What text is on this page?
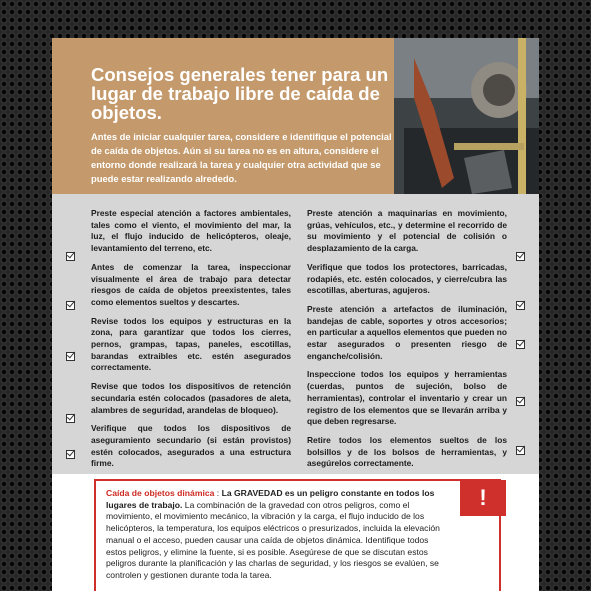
Consejos generales tener para un lugar de trabajo libre de caída de objetos.

Antes de iniciar cualquier tarea, considere e identifique el potencial de caída de objetos. Aún si su tarea no es en altura, considere el entorno donde realizará la tarea y cualquier otra actividad que se puede estar realizando alrededo.

Preste especial atención a factores ambientales, tales como el viento, el movimiento del mar, la luz, el flujo inducido de helicópteros, oleaje, levantamiento del terreno, etc.

Antes de comenzar la tarea, inspeccionar visualmente el área de trabajo para detectar riesgos de caída de objetos preexistentes, tales como elementos sueltos y descartes.

Revise todos los equipos y estructuras en la zona, para garantizar que todos los cierres, pernos, grampas, tapas, paneles, escotillas, barandas extraibles etc. estén asegurados correctamente.

Revise que todos los dispositivos de retención secundaria estén colocados (pasadores de aleta, alambres de seguridad, arandelas de bloqueo).

Verifique que todos los dispositivos de aseguramiento secundario (si están provistos) estén colocados, asegurados a una estructura firme.

Preste atención a maquinarias en movimiento, grúas, vehículos, etc., y determine el recorrido de su movimiento y el potencial de colisión o desplazamiento de la carga.

Verifique que todos los protectores, barricadas, rodapiés, etc. estén colocados, y cierre/cubra las escotillas, aberturas, agujeros.

Preste atención a artefactos de iluminación, bandejas de cable, soportes y otros accesorios; en particular a aquellos elementos que pueden no estar asegurados o presenten riesgo de enganche/colisión.

Inspeccione todos los equipos y herramientas (cuerdas, puntos de sujeción, bolso de herramientas), controlar el inventario y crear un registro de los elementos que se llevarán arriba y que deben regresarse.

Retire todos los elementos sueltos de los bolsillos y de los bolsos de herramientas, y asegúrelos correctamente.

Caída de objetos dinámica : La GRAVEDAD es un peligro constante en todos los lugares de trabajo. La combinación de la gravedad con otros peligros, como el movimiento, el movimiento mecánico, la vibración y la carga, el flujo inducido de los helicópteros, la temperatura, los equipos eléctricos o presurizados, incluida la elevación manual o el acceso, pueden causar una caída de objetos dinámica. Identifique todos estos peligros, y elimine la fuente, si es posible. Asegúrese de que se discutan estos peligros durante la planificación y las charlas de seguridad, y los riesgos se evalúen, se controlen y gestionen durante toda la tarea.

!
